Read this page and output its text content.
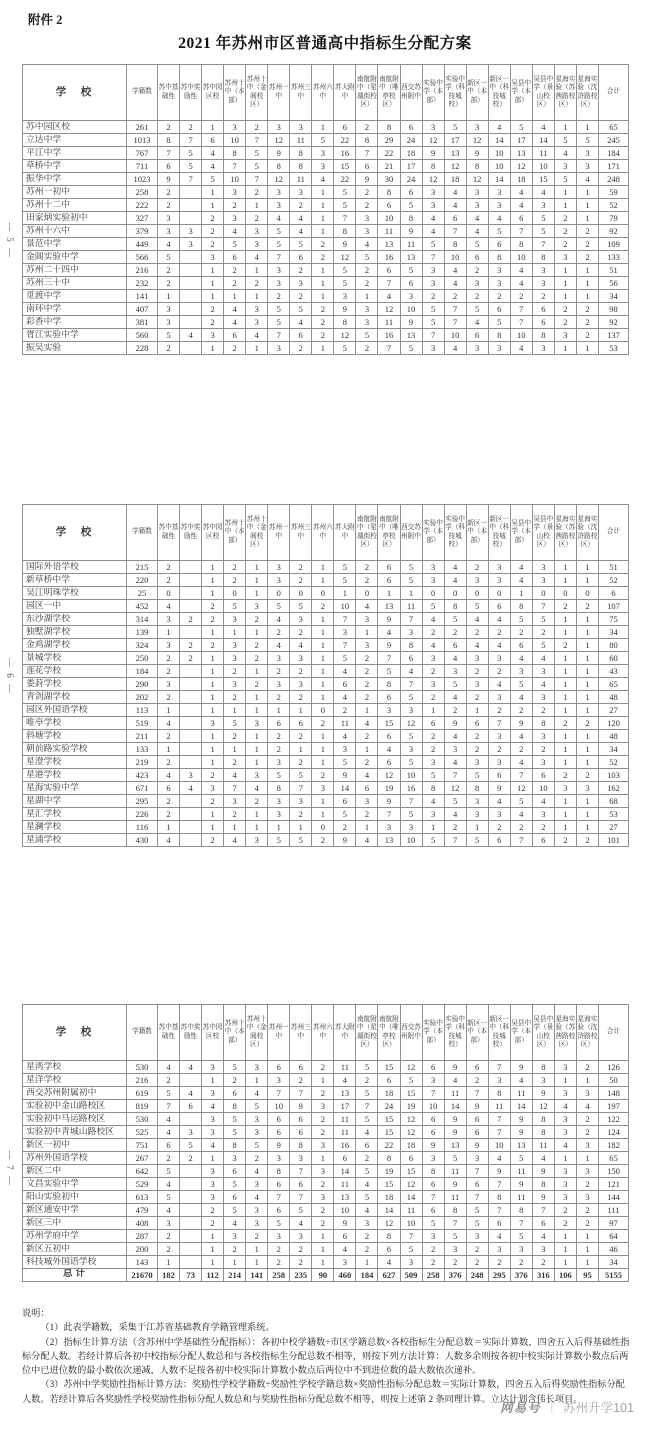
附件 2
2021 年苏州市区普通高中指标生分配方案
— 5 —
— 6 —
— 7 —
学　校	学籍数	苏中基础性	苏中奖励性	苏中园区校	苏州十中（本部）	苏州十中（金阊校区）	苏州一中	苏州三中	苏州六中	苏大附中	南航附中（星湖街校区）	南航附中（唯亭校区）	西交苏州附中	实验中学（本部）	实验中学（科技城校）	新区一中（本部）	新区一中（科技城校）	吴县中学（本部）	吴县中学（景山校区）	星海实验（苏茜路校区）	星海实验（沈浒路校区）	合计
苏中园区校	261	2	2	1	3	2	3	3	1	6	2	8	6	3	5	3	4	5	4	1	1	65
立达中学	1013	8	7	6	10	7	12	11	5	22	8	29	24	12	17	12	14	17	14	5	5	245
平江中学	767	7	5	4	8	5	9	8	3	16	7	22	18	9	13	9	10	13	11	4	3	184
草桥中学	711	6	5	4	7	5	8	8	3	15	6	21	17	8	12	8	10	12	10	3	3	171
振华中学	1023	9	7	5	10	7	12	11	4	22	9	30	24	12	18	12	14	18	15	5	4	248
苏州一初中	258	2		1	3	2	3	3	1	5	2	8	6	3	4	3	3	4	4	1	1	59
苏州十二中	222	2		1	2	1	3	2	1	5	2	6	5	3	4	3	3	4	3	1	1	52
田家炳实验初中	327	3		2	3	2	4	4	1	7	3	10	8	4	6	4	4	6	5	2	1	79
苏州十六中	379	3	3	2	4	3	5	4	1	8	3	11	9	4	7	4	5	7	5	2	2	92
景范中学	449	4	3	2	5	3	5	5	2	9	4	13	11	5	8	5	6	8	7	2	2	109
金阊实验中学	566	5		3	6	4	7	6	2	12	5	16	13	7	10	6	8	10	8	3	2	133
苏州二十四中	216	2		1	2	1	3	2	1	5	2	6	5	3	4	2	3	4	3	1	1	51
苏州三十中	232	2		1	2	2	3	3	1	5	2	7	6	3	4	3	3	4	3	1	1	56
觅渡中学	141	1		1	1	1	2	2	1	3	1	4	3	2	2	2	2	2	2	1	1	34
南环中学	407	3		2	4	3	5	5	2	9	3	12	10	5	7	5	6	7	6	2	2	98
彩香中学	381	3		2	4	3	5	4	2	8	3	11	9	5	7	4	5	7	6	2	2	92
胥江实验中学	560	5	4	3	6	4	7	6	2	12	5	16	13	7	10	6	8	10	8	3	2	137
振吴实验	228	2		1	2	1	3	2	1	5	2	7	5	3	4	3	3	4	3	1	1	53
学　校	学籍数	苏中基础性	苏中奖励性	苏中园区校	苏州十中（本部）	苏州十中（金阊校区）	苏州一中	苏州三中	苏州六中	苏大附中	南航附中（星湖街校区）	南航附中（唯亭校区）	西交苏州附中	实验中学（本部）	实验中学（科技城校）	新区一中（本部）	新区一中（科技城校）	吴县中学（本部）	吴县中学（景山校区）	星海实验（苏茜路校区）	星海实验（沈浒路校区）	合计
国际外语学校	215	2		1	2	1	3	2	1	5	2	6	5	3	4	2	3	4	3	1	1	51
新草桥中学	220	2		1	2	1	3	2	1	5	2	6	5	3	4	3	3	4	3	1	1	52
吴江明珠学校	25	0		1	0	1	0	0	0	1	0	1	1	0	0	0	0	1	0	0	0	6
园区一中	452	4		2	5	3	5	5	2	10	4	13	11	5	8	5	6	8	7	2	2	107
东沙湖学校	314	3	2	2	3	2	4	3	1	7	3	9	7	4	5	4	4	5	5	1	1	75
独墅湖学校	139	1		1	1	1	2	2	1	3	1	4	3	2	2	2	2	2	2	1	1	34
金鸡湖学校	324	3	2	2	3	2	4	4	1	7	3	9	8	4	6	4	4	6	5	2	1	80
景城学校	250	2	2	1	3	2	3	3	1	5	2	7	6	3	4	3	3	4	4	1	1	60
莲花学校	184	2		1	2	1	2	2	1	4	2	5	4	2	3	2	2	3	3	1	1	43
娄葑学校	290	3		1	3	2	3	3	1	6	2	8	7	3	5	3	4	5	4	1	1	65
青剑湖学校	202	2		1	2	1	2	2	1	4	2	6	5	2	4	2	3	4	3	1	1	48
园区外国语学校	113	1		1	1	1	1	1	0	2	1	3	3	1	2	1	2	2	2	1	1	27
唯亭学校	519	4		3	5	3	6	6	2	11	4	15	12	6	9	6	7	9	8	2	2	120
斜塘学校	211	2		1	2	1	2	2	1	4	2	6	5	2	4	2	3	4	3	1	1	48
朝前路实验学校	133	1		1	1	1	2	1	1	3	1	4	3	2	3	2	2	2	2	1	1	34
星澄学校	219	2		1	2	1	3	2	1	5	2	6	5	3	4	3	3	4	3	1	1	52
星港学校	423	4	3	2	4	3	5	5	2	9	4	12	10	5	7	5	6	7	6	2	2	103
星海实验中学	671	6	4	3	7	4	8	7	3	14	6	19	16	8	12	8	9	12	10	3	3	162
星湖中学	295	2		2	3	2	3	3	1	6	3	9	7	4	5	3	4	5	4	1	1	68
星汇学校	226	2		1	2	1	3	2	1	5	2	7	5	3	4	3	3	4	3	1	1	53
星澜学校	116	1		1	1	1	1	1	0	2	1	3	3	1	2	1	2	2	2	1	1	27
星浦学校	430	4		2	4	3	5	5	2	9	4	13	10	5	7	5	6	7	6	2	2	101
学　校	学籍数	苏中基础性	苏中奖励性	苏中园区校	苏州十中（本部）	苏州十中（金阊校区）	苏州一中	苏州三中	苏州六中	苏大附中	南航附中（星湖街校区）	南航附中（唯亭校区）	西交苏州附中	实验中学（本部）	实验中学（科技城校）	新区一中（本部）	新区一中（科技城校）	吴县中学（本部）	吴县中学（景山校区）	星海实验（苏茜路校区）	星海实验（沈浒路校区）	合计
星湾学校	530	4	4	3	5	3	6	6	2	11	5	15	12	6	9	6	7	9	8	3	2	126
星洋学校	216	2		1	2	1	3	2	1	4	2	6	5	3	4	2	3	4	3	1	1	50
西交苏州附属初中	619	5	4	3	6	4	7	7	2	13	5	18	15	7	11	7	8	11	9	3	3	148
实验初中金山路校区	819	7	6	4	8	5	10	9	3	17	7	24	19	10	14	9	11	14	12	4	4	197
实验初中马运路校区	530	4		3	5	3	6	6	2	11	5	15	12	6	9	6	7	9	8	3	2	122
实验初中青城山路校区	525	4	3	3	5	3	6	6	2	11	4	15	12	6	9	6	7	9	8	3	2	124
新区一初中	751	6	5	4	8	5	9	8	3	16	6	22	18	9	13	9	10	13	11	4	3	182
苏州外国语学校	267	2	2	1	3	2	3	3	1	6	2	8	6	3	5	3	4	5	4	1	1	65
新区二中	642	5		3	6	4	8	7	3	14	5	19	15	8	11	7	9	11	9	3	3	150
文昌实验中学	529	4		3	5	3	6	6	2	11	4	15	12	6	9	6	7	9	8	3	2	121
阳山实验初中	613	5		3	6	4	7	7	3	13	5	18	14	7	11	7	8	11	9	3	3	144
新区通安中学	479	4		2	5	3	6	5	2	10	4	14	11	6	8	5	7	8	7	2	2	111
新区三中	408	3		2	4	3	5	4	2	9	3	12	10	5	7	5	6	7	6	2	2	97
苏州学府中学	287	2		1	3	2	3	3	1	6	2	8	7	3	5	3	4	5	4	1	1	64
新区五初中	200	2		1	2	1	2	2	1	4	2	6	5	2	3	2	3	3	3	1	1	46
科技城外国语学校	143	1		1	1	1	2	2	1	3	1	4	3	2	2	2	2	2	2	1	1	34
总计	21670	182	73	112	214	141	258	235	90	460	184	627	509	258	376	248	295	376	316	106	95	5155
说明：
（1）此表学籍数，采集于江苏省基础教育学籍管理系统。
（2）指标生计算方法（含苏州中学基础性分配指标）：各初中校学籍数÷市区学籍总数×各校指标生分配总数＝实际计算数，四舍五入后得基础性指标分配人数。若经计算后各初中校指标分配人数总和与各校指标生分配总数不相等，则按下列方法计算：人数多余则按各初中校实际计算数小数点后两位中已进位数的最小数依次递减，人数不足按各初中校实际计算数小数点后两位中不到进位数的最大数依次递补。
（3）苏州中学奖励性指标计算方法：奖励性学校学籍数÷奖励性学校学籍总数×奖励性指标分配总数＝实际计算数，四舍五入后得奖励性指标分配人数。若经计算后各奖励性学校奖励性指标分配人数总和与奖励性指标分配总数不相等，则按上述第 2 条同理计算。立达计划含伟长项目。
网易号 ｜ 苏州升学101
